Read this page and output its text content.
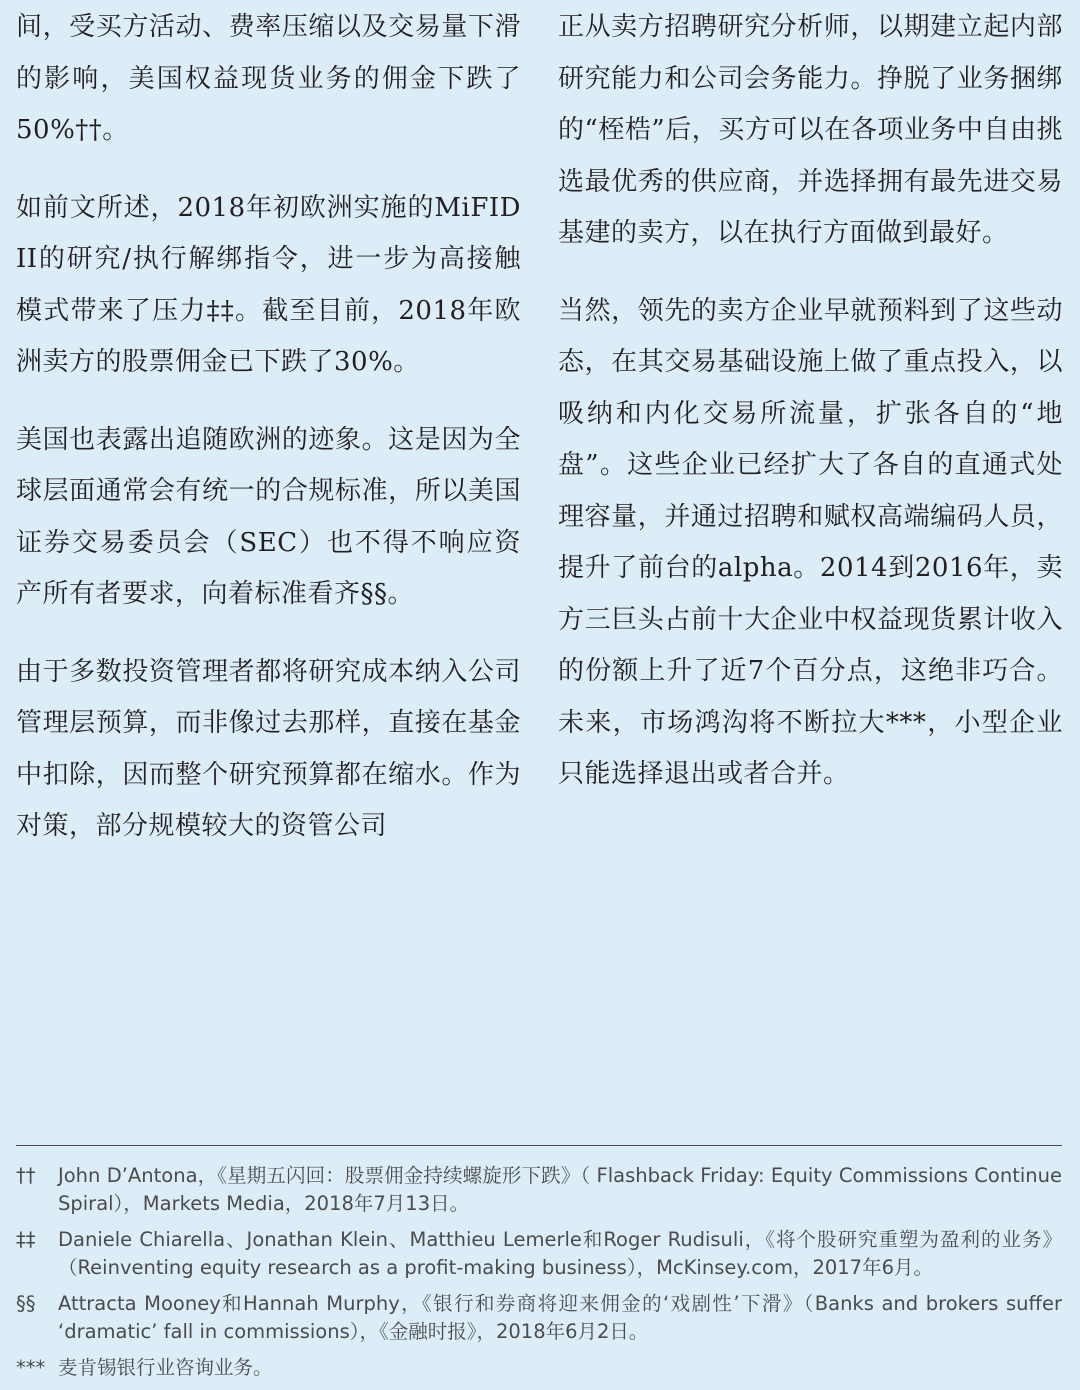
间，受买方活动、费率压缩以及交易量下滑的影响，美国权益现货业务的佣金下跌了50%††。

如前文所述，2018年初欧洲实施的MiFID II的研究/执行解绑指令，进一步为高接触模式带来了压力‡‡。截至目前，2018年欧洲卖方的股票佣金已下跌了30%。

美国也表露出追随欧洲的迹象。这是因为全球层面通常会有统一的合规标准，所以美国证券交易委员会（SEC）也不得不响应资产所有者要求，向着标准看齐§§。

由于多数投资管理者都将研究成本纳入公司管理层预算，而非像过去那样，直接在基金中扣除，因而整个研究预算都在缩水。作为对策，部分规模较大的资管公司

正从卖方招聘研究分析师，以期建立起内部研究能力和公司会务能力。挣脱了业务捆绑的“桎梏”后，买方可以在各项业务中自由挑选最优秀的供应商，并选择拥有最先进交易基建的卖方，以在执行方面做到最好。

当然，领先的卖方企业早就预料到了这些动态，在其交易基础设施上做了重点投入，以吸纳和内化交易所流量，扩张各自的“地盘”。这些企业已经扩大了各自的直通式处理容量，并通过招聘和赋权高端编码人员，提升了前台的alpha。2014到2016年，卖方三巨头占前十大企业中权益现货累计收入的份额上升了近7个百分点，这绝非巧合。未来，市场鸿沟将不断拉大***，小型企业只能选择退出或者合并。

††	John D’Antona，《星期五闪回：股票佣金持续螺旋形下跌》（ Flashback Friday: Equity Commissions Continue Spiral），Markets Media，2018年7月13日。
‡‡	Daniele Chiarella、Jonathan Klein、Matthieu Lemerle和Roger Rudisuli，《将个股研究重塑为盈利的业务》（Reinventing equity research as a profit-making business），McKinsey.com，2017年6月。
§§	Attracta Mooney和Hannah Murphy，《银行和券商将迎来佣金的‘戏剧性’下滑》（Banks and brokers suffer ‘dramatic’ fall in commissions），《金融时报》，2018年6月2日。
*** 麦肯锡银行业咨询业务。
